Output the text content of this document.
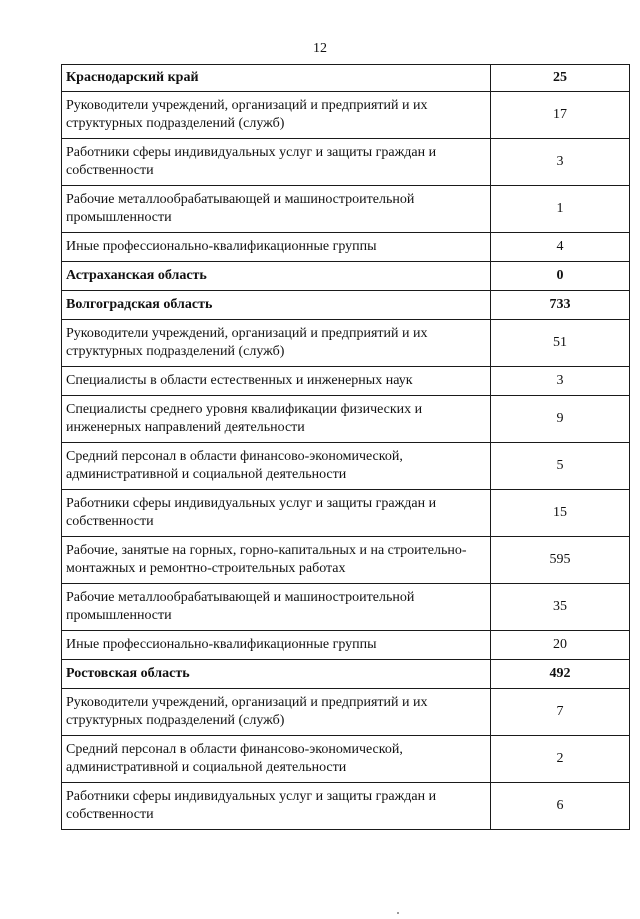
12
Краснодарский край	25
Руководители учреждений, организаций и предприятий и их структурных подразделений (служб)	17
Работники сферы индивидуальных услуг и защиты граждан и собственности	3
Рабочие металлообрабатывающей и машиностроительной промышленности	1
Иные профессионально-квалификационные группы	4
Астраханская область	0
Волгоградская область	733
Руководители учреждений, организаций и предприятий и их структурных подразделений (служб)	51
Специалисты в области естественных и инженерных наук	3
Специалисты среднего уровня квалификации физических и инженерных направлений деятельности	9
Средний персонал в области финансово-экономической, административной и социальной деятельности	5
Работники сферы индивидуальных услуг и защиты граждан и собственности	15
Рабочие, занятые на горных, горно-капитальных и на строительно-монтажных и ремонтно-строительных работах	595
Рабочие металлообрабатывающей и машиностроительной промышленности	35
Иные профессионально-квалификационные группы	20
Ростовская область	492
Руководители учреждений, организаций и предприятий и их структурных подразделений (служб)	7
Средний персонал в области финансово-экономической, административной и социальной деятельности	2
Работники сферы индивидуальных услуг и защиты граждан и собственности	6
